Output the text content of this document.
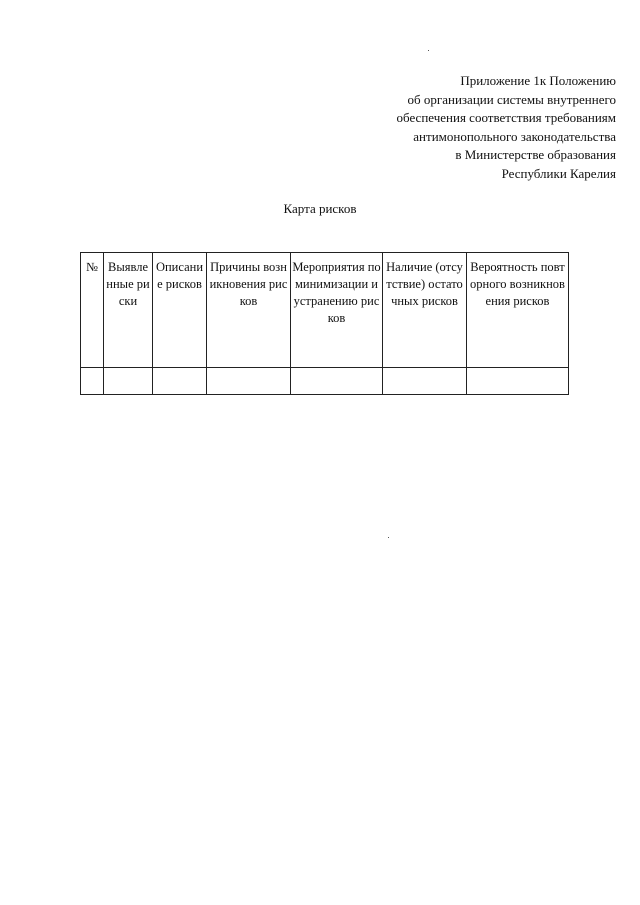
Приложение 1к Положению
об организации системы внутреннего
обеспечения соответствия требованиям
антимонопольного законодательства
в Министерстве образования
Республики Карелия
Карта рисков
№	Выявленные риски	Описание рисков	Причины возникновения рисков	Мероприятия по минимизации и устранению рисков	Наличие (отсутствие) остаточных рисков	Вероятность повторного возникновения рисков
